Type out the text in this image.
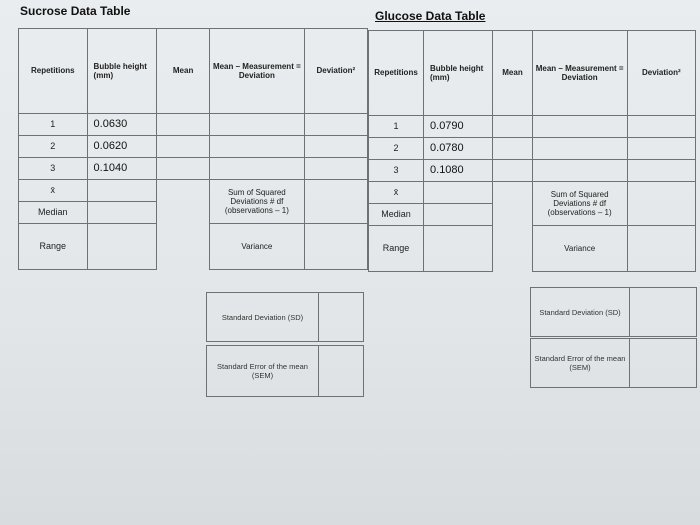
Sucrose Data Table	Glucose Data Table
Repetitions	Bubble height (mm)	Mean	Mean – Measurement = Deviation	Deviation²
1	0.0630			
2	0.0620			
3	0.1040			
x̄			Sum of Squared Deviations # df (observations – 1)	
Median				
Range			Variance	
Standard Deviation (SD)
Standard Error of the mean (SEM)
Repetitions	Bubble height (mm)	Mean	Mean – Measurement = Deviation	Deviation²
1	0.0790			
2	0.0780			
3	0.1080			
x̄			Sum of Squared Deviations # df (observations – 1)	
Median				
Range			Variance	
Standard Deviation (SD)
Standard Error of the mean (SEM)
